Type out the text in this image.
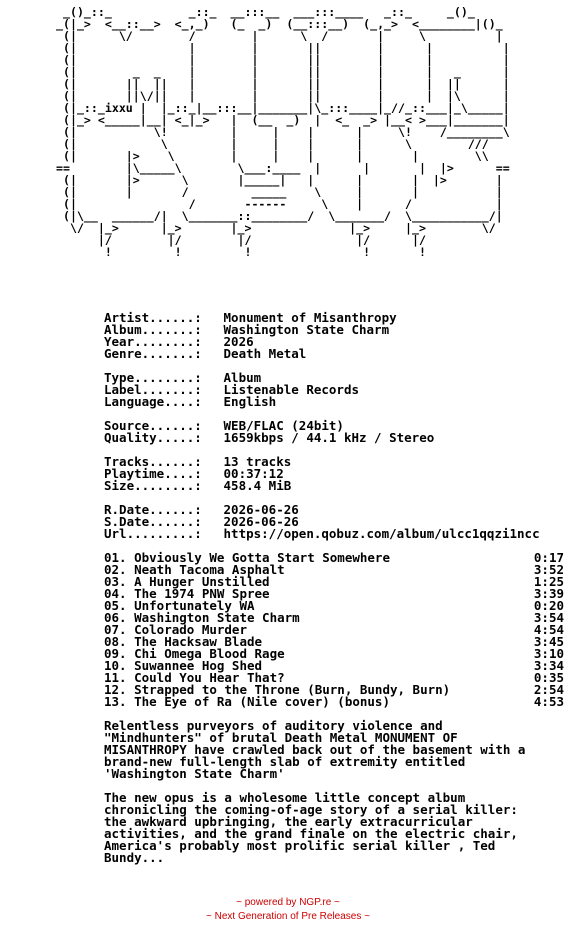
_()_::_           _::_  __:::__  ___:::____   _::_     _()_
_(|_>  <__::__>  <_,_)   (_  _)  (__:::__)  (_,_>  <________|()_
(|      \/        /        |      \  /       |     \          |
(|                |        |       ||        |      |          |
(|                |        |       ||        |      |          |
(|        _  _    |        |       ||        |      |   _      |
(|       ||  ||   |        |       ||        |      |  ||      |
(|       ||\/||   |        |       ||        |      |  |\      |
(|_::_ixxu |  |_::_|__:::__|_______|\_:::____|_//_::___|_\_____|
(|_> <_____|__| <_|_>   |  (__  _)  |  <_  _> |__< >___|_______|
(|           \!         |     |    |      |     \!    /________\
(|            \         |     |    |      |      \        ///
(|       |>    \        |     |    |      |       |        \\
==        |\_____\        \___:____  |      |       |  |>      ==
(|       |>      \       |_____|   |      |       |  |>       |
(|       |       /         _____    \     |       |           |
(|                /       ------     \    |      /            |
(|\__  ______/|  \_______::________/  \_______/  \___________/|
\/  |_>      |_>       |_>              |_>     |_>        \/
|/        |/        |/               |/      |/
!         !         !                !       !
Artist......: Monument of Misanthropy
Album.......: Washington State Charm
Year........: 2026
Genre.......: Death Metal
Type........: Album
Label.......: Listenable Records
Language....: English
Source......: WEB/FLAC (24bit)
Quality.....: 1659kbps / 44.1 kHz / Stereo
Tracks......: 13 tracks
Playtime....: 00:37:12
Size........: 458.4 MiB
R.Date......: 2026-06-26
S.Date......: 2026-06-26
Url.........: https://open.qobuz.com/album/ulcc1qqzi1ncc
01. Obviously We Gotta Start Somewhere	0:17
02. Neath Tacoma Asphalt	3:52
03. A Hunger Unstilled	1:25
04. The 1974 PNW Spree	3:39
05. Unfortunately WA	0:20
06. Washington State Charm	3:54
07. Colorado Murder	4:54
08. The Hacksaw Blade	3:45
09. Chi Omega Blood Rage	3:10
10. Suwannee Hog Shed	3:34
11. Could You Hear That?	0:35
12. Strapped to the Throne (Burn, Bundy, Burn)	2:54
13. The Eye of Ra (Nile cover) (bonus)	4:53
Relentless purveyors of auditory violence and
"Mindhunters" of brutal Death Metal MONUMENT OF
MISANTHROPY have crawled back out of the basement with a
brand-new full-length slab of extremity entitled
'Washington State Charm'
The new opus is a wholesome little concept album
chronicling the coming-of-age story of a serial killer:
the awkward upbringing, the early extracurricular
activities, and the grand finale on the electric chair,
America's probably most prolific serial killer , Ted
Bundy...
~ powered by NGP.re ~
~ Next Generation of Pre Releases ~
